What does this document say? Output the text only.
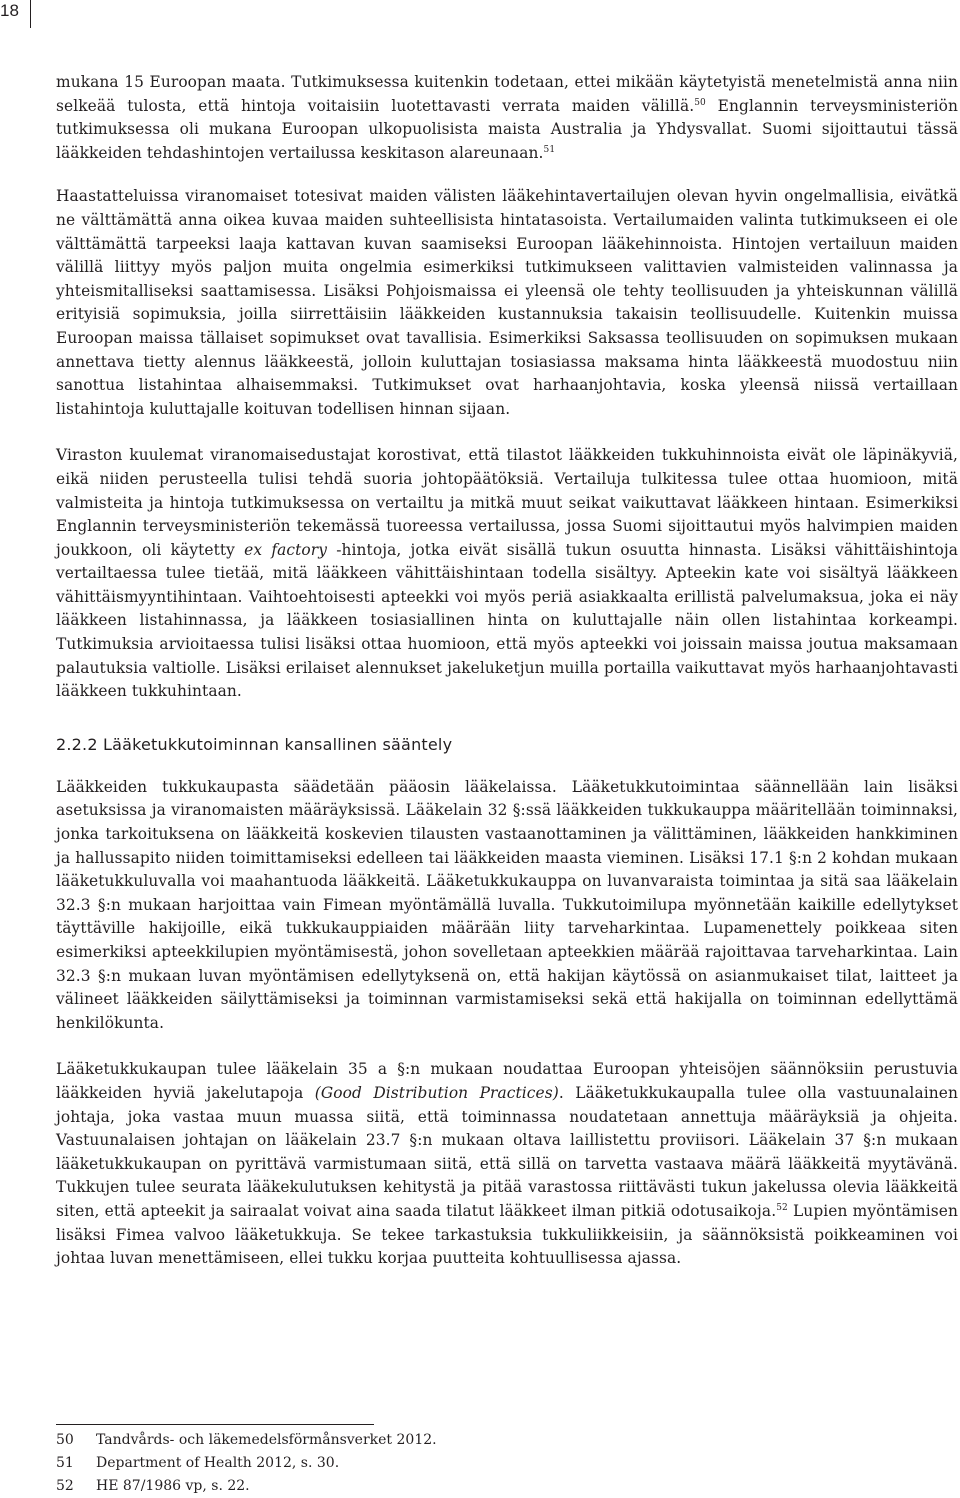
18

mukana 15 Euroopan maata. Tutkimuksessa kuitenkin todetaan, ettei mikään käytetyistä menetelmistä anna niin selkeää tulosta, että hintoja voitaisiin luotettavasti verrata maiden välillä.$^{50}$ Englannin terveysministeriön tutkimuksessa oli mukana Euroopan ulkopuolisista maista Australia ja Yhdysvallat. Suomi sijoittautui tässä lääkkeiden tehdashintojen vertailussa keskitason alareunaan.$^{51}$

Haastatteluissa viranomaiset totesivat maiden välisten lääkehintavertailujen olevan hyvin ongelmallisia, eivätkä ne välttämättä anna oikea kuvaa maiden suhteellisista hintatasoista. Vertailumaiden valinta tutkimukseen ei ole välttämättä tarpeeksi laaja kattavan kuvan saamiseksi Euroopan lääkehinnoista. Hintojen vertailuun maiden välillä liittyy myös paljon muita ongelmia esimerkiksi tutkimukseen valittavien valmisteiden valinnassa ja yhteismitalliseksi saattamisessa. Lisäksi Pohjoismaissa ei yleensä ole tehty teollisuuden ja yhteiskunnan välillä erityisiä sopimuksia, joilla siirrettäisiin lääkkeiden kustannuksia takaisin teollisuudelle. Kuitenkin muissa Euroopan maissa tällaiset sopimukset ovat tavallisia. Esimerkiksi Saksassa teollisuuden on sopimuksen mukaan annettava tietty alennus lääkkeestä, jolloin kuluttajan tosiasiassa maksama hinta lääkkeestä muodostuu niin sanottua listahintaa alhaisemmaksi. Tutkimukset ovat harhaanjohtavia, koska yleensä niissä vertaillaan listahintoja kuluttajalle koituvan todellisen hinnan sijaan.

Viraston kuulemat viranomaisedustajat korostivat, että tilastot lääkkeiden tukkuhinnoista eivät ole läpinäkyviä, eikä niiden perusteella tulisi tehdä suoria johtopäätöksiä. Vertailuja tulkitessa tulee ottaa huomioon, mitä valmisteita ja hintoja tutkimuksessa on vertailtu ja mitkä muut seikat vaikuttavat lääkkeen hintaan. Esimerkiksi Englannin terveysministeriön tekemässä tuoreessa vertailussa, jossa Suomi sijoittautui myös halvimpien maiden joukkoon, oli käytetty ex factory -hintoja, jotka eivät sisällä tukun osuutta hinnasta. Lisäksi vähittäishintoja vertailtaessa tulee tietää, mitä lääkkeen vähittäishintaan todella sisältyy. Apteekin kate voi sisältyä lääkkeen vähittäismyyntihintaan. Vaihtoehtoisesti apteekki voi myös periä asiakkaalta erillistä palvelumaksua, joka ei näy lääkkeen listahinnassa, ja lääkkeen tosiasiallinen hinta on kuluttajalle näin ollen listahintaa korkeampi. Tutkimuksia arvioitaessa tulisi lisäksi ottaa huomioon, että myös apteekki voi joissain maissa joutua maksamaan palautuksia valtiolle. Lisäksi erilaiset alennukset jakeluketjun muilla portailla vaikuttavat myös harhaanjohtavasti lääkkeen tukkuhintaan.

2.2.2 Lääketukkutoiminnan kansallinen sääntely

Lääkkeiden tukkukaupasta säädetään pääosin lääkelaissa. Lääketukkutoimintaa säännellään lain lisäksi asetuksissa ja viranomaisten määräyksissä. Lääkelain 32 §:ssä lääkkeiden tukkukauppa määritellään toiminnaksi, jonka tarkoituksena on lääkkeitä koskevien tilausten vastaanottaminen ja välittäminen, lääkkeiden hankkiminen ja hallussapito niiden toimittamiseksi edelleen tai lääkkeiden maasta vieminen. Lisäksi 17.1 §:n 2 kohdan mukaan lääketukkuluvalla voi maahantuoda lääkkeitä. Lääketukkukauppa on luvanvaraista toimintaa ja sitä saa lääkelain 32.3 §:n mukaan harjoittaa vain Fimean myöntämällä luvalla. Tukkutoimilupa myönnetään kaikille edellytykset täyttäville hakijoille, eikä tukkukauppiaiden määrään liity tarveharkintaa. Lupamenettely poikkeaa siten esimerkiksi apteekkilupien myöntämisestä, johon sovelletaan apteekkien määrää rajoittavaa tarveharkintaa. Lain 32.3 §:n mukaan luvan myöntämisen edellytyksenä on, että hakijan käytössä on asianmukaiset tilat, laitteet ja välineet lääkkeiden säilyttämiseksi ja toiminnan varmistamiseksi sekä että hakijalla on toiminnan edellyttämä henkilökunta.

Lääketukkukaupan tulee lääkelain 35 a §:n mukaan noudattaa Euroopan yhteisöjen säännöksiin perustuvia lääkkeiden hyviä jakelutapoja (Good Distribution Practices). Lääketukkukaupalla tulee olla vastuunalainen johtaja, joka vastaa muun muassa siitä, että toiminnassa noudatetaan annettuja määräyksiä ja ohjeita. Vastuunalaisen johtajan on lääkelain 23.7 §:n mukaan oltava laillistettu proviisori. Lääkelain 37 §:n mukaan lääketukkukaupan on pyrittävä varmistumaan siitä, että sillä on tarvetta vastaava määrä lääkkeitä myytävänä. Tukkujen tulee seurata lääkekulutuksen kehitystä ja pitää varastossa riittävästi tukun jakelussa olevia lääkkeitä siten, että apteekit ja sairaalat voivat aina saada tilatut lääkkeet ilman pitkiä odotusaikoja.$^{52}$ Lupien myöntämisen lisäksi Fimea valvoo lääketukkuja. Se tekee tarkastuksia tukkuliikkeisiin, ja säännöksistä poikkeaminen voi johtaa luvan menettämiseen, ellei tukku korjaa puutteita kohtuullisessa ajassa.

50	Tandvårds- och läkemedelsförmånsverket 2012.
51	Department of Health 2012, s. 30.
52	HE 87/1986 vp, s. 22.
